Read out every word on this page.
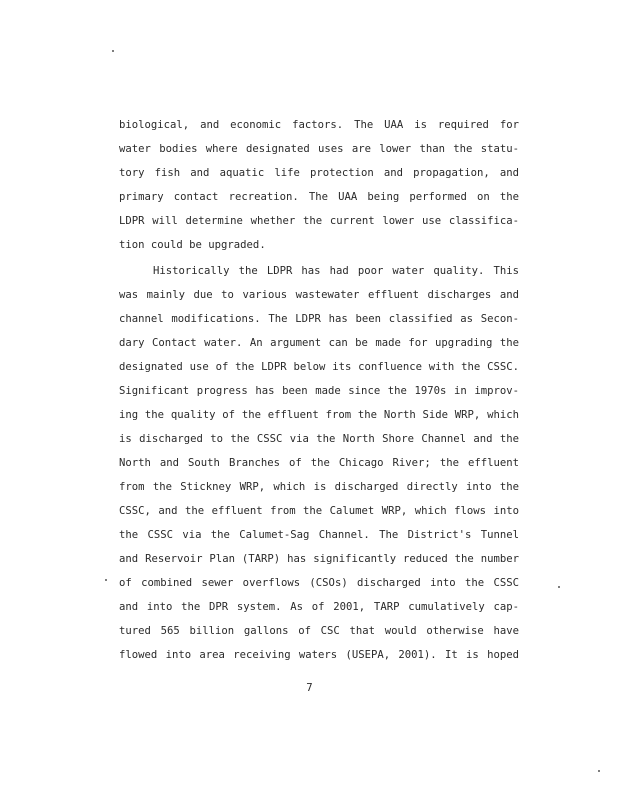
biological, and economic factors. The UAA is required for
water bodies where designated uses are lower than the statu-
tory fish and aquatic life protection and propagation, and
primary contact recreation. The UAA being performed on the
LDPR will determine whether the current lower use classifica-
tion could be upgraded.
Historically the LDPR has had poor water quality. This
was mainly due to various wastewater effluent discharges and
channel modifications. The LDPR has been classified as Secon-
dary Contact water. An argument can be made for upgrading the
designated use of the LDPR below its confluence with the CSSC.
Significant progress has been made since the 1970s in improv-
ing the quality of the effluent from the North Side WRP, which
is discharged to the CSSC via the North Shore Channel and the
North and South Branches of the Chicago River; the effluent
from the Stickney WRP, which is discharged directly into the
CSSC, and the effluent from the Calumet WRP, which flows into
the CSSC via the Calumet-Sag Channel. The District's Tunnel
and Reservoir Plan (TARP) has significantly reduced the number
of combined sewer overflows (CSOs) discharged into the CSSC
and into the DPR system. As of 2001, TARP cumulatively cap-
tured 565 billion gallons of CSC that would otherwise have
flowed into area receiving waters (USEPA, 2001). It is hoped
7
